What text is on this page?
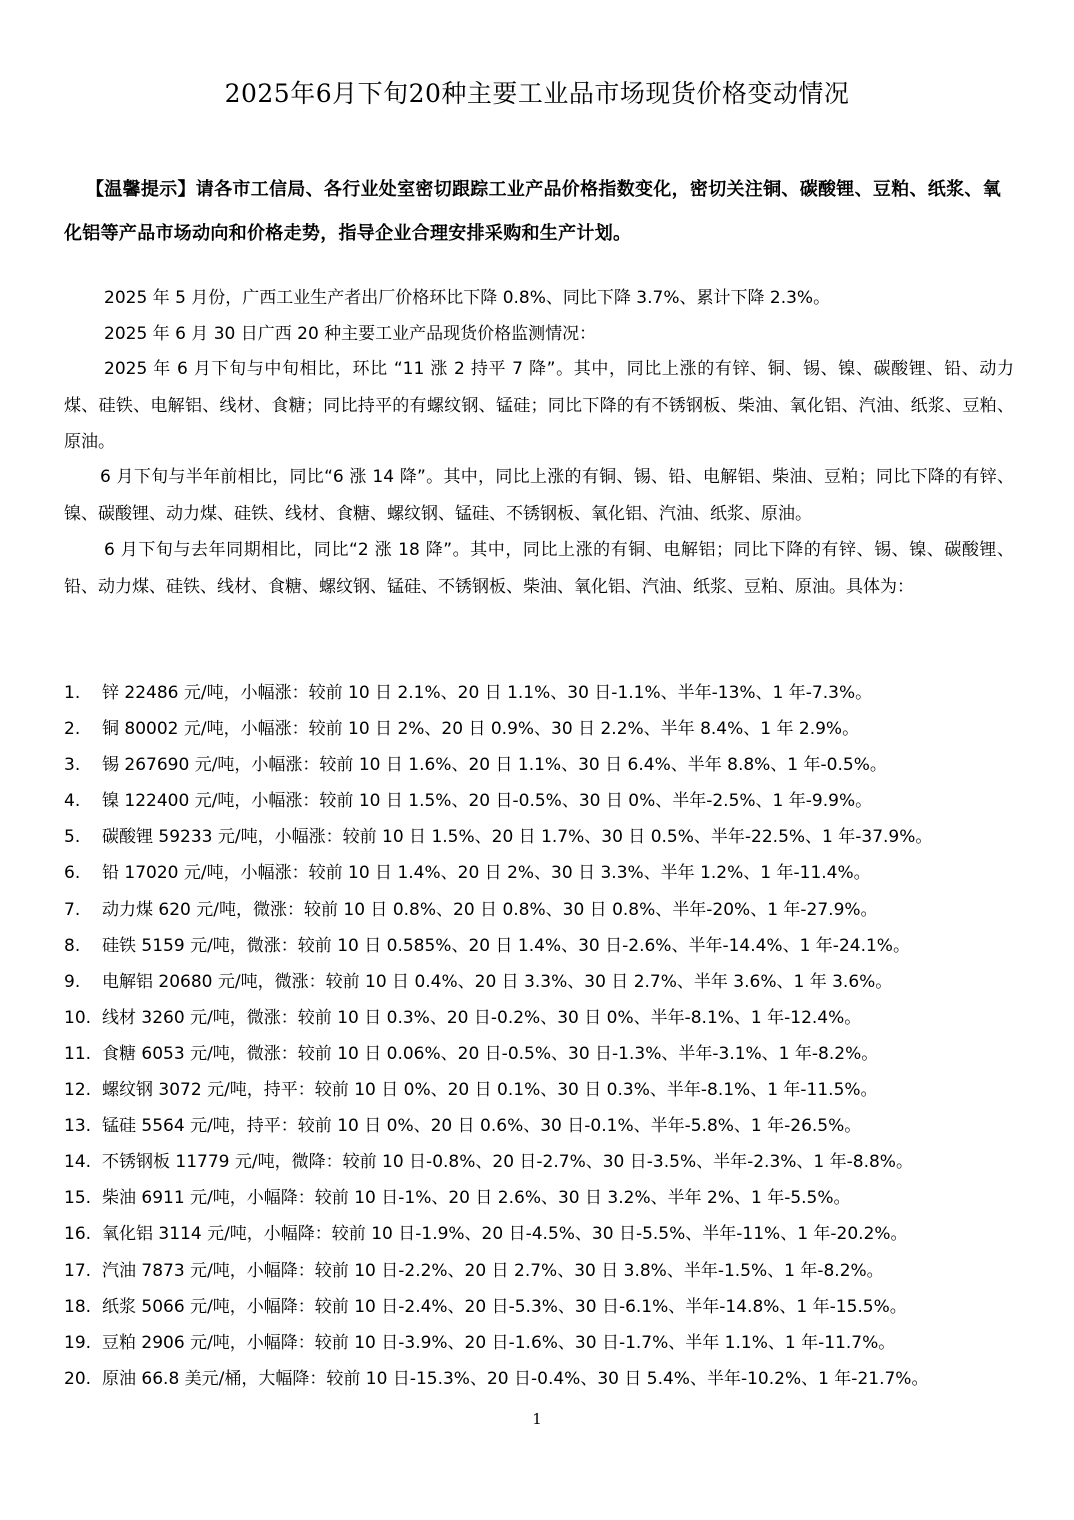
2025年6月下旬20种主要工业品市场现货价格变动情况

【温馨提示】请各市工信局、各行业处室密切跟踪工业产品价格指数变化，密切关注铜、碳酸锂、豆粕、纸浆、氧化铝等产品市场动向和价格走势，指导企业合理安排采购和生产计划。

2025 年 5 月份，广西工业生产者出厂价格环比下降 0.8%、同比下降 3.7%、累计下降 2.3%。

2025 年 6 月 30 日广西 20 种主要工业产品现货价格监测情况：

2025 年 6 月下旬与中旬相比，环比 “11 涨 2 持平 7 降”。其中，同比上涨的有锌、铜、锡、镍、碳酸锂、铅、动力煤、硅铁、电解铝、线材、食糖；同比持平的有螺纹钢、锰硅；同比下降的有不锈钢板、柴油、氧化铝、汽油、纸浆、豆粕、原油。

6 月下旬与半年前相比，同比“6 涨 14 降”。其中，同比上涨的有铜、锡、铅、电解铝、柴油、豆粕；同比下降的有锌、镍、碳酸锂、动力煤、硅铁、线材、食糖、螺纹钢、锰硅、不锈钢板、氧化铝、汽油、纸浆、原油。

6 月下旬与去年同期相比，同比“2 涨 18 降”。其中，同比上涨的有铜、电解铝；同比下降的有锌、锡、镍、碳酸锂、铅、动力煤、硅铁、线材、食糖、螺纹钢、锰硅、不锈钢板、柴油、氧化铝、汽油、纸浆、豆粕、原油。具体为：

1.	锌 22486 元/吨，小幅涨：较前 10 日 2.1%、20 日 1.1%、30 日-1.1%、半年-13%、1 年-7.3%。
2.	铜 80002 元/吨，小幅涨：较前 10 日 2%、20 日 0.9%、30 日 2.2%、半年 8.4%、1 年 2.9%。
3.	锡 267690 元/吨，小幅涨：较前 10 日 1.6%、20 日 1.1%、30 日 6.4%、半年 8.8%、1 年-0.5%。
4.	镍 122400 元/吨，小幅涨：较前 10 日 1.5%、20 日-0.5%、30 日 0%、半年-2.5%、1 年-9.9%。
5.	碳酸锂 59233 元/吨，小幅涨：较前 10 日 1.5%、20 日 1.7%、30 日 0.5%、半年-22.5%、1 年-37.9%。
6.	铅 17020 元/吨，小幅涨：较前 10 日 1.4%、20 日 2%、30 日 3.3%、半年 1.2%、1 年-11.4%。
7.	动力煤 620 元/吨，微涨：较前 10 日 0.8%、20 日 0.8%、30 日 0.8%、半年-20%、1 年-27.9%。
8.	硅铁 5159 元/吨，微涨：较前 10 日 0.585%、20 日 1.4%、30 日-2.6%、半年-14.4%、1 年-24.1%。
9.	电解铝 20680 元/吨，微涨：较前 10 日 0.4%、20 日 3.3%、30 日 2.7%、半年 3.6%、1 年 3.6%。
10. 线材 3260 元/吨，微涨：较前 10 日 0.3%、20 日-0.2%、30 日 0%、半年-8.1%、1 年-12.4%。
11. 食糖 6053 元/吨，微涨：较前 10 日 0.06%、20 日-0.5%、30 日-1.3%、半年-3.1%、1 年-8.2%。
12. 螺纹钢 3072 元/吨，持平：较前 10 日 0%、20 日 0.1%、30 日 0.3%、半年-8.1%、1 年-11.5%。
13. 锰硅 5564 元/吨，持平：较前 10 日 0%、20 日 0.6%、30 日-0.1%、半年-5.8%、1 年-26.5%。
14. 不锈钢板 11779 元/吨，微降：较前 10 日-0.8%、20 日-2.7%、30 日-3.5%、半年-2.3%、1 年-8.8%。
15. 柴油 6911 元/吨，小幅降：较前 10 日-1%、20 日 2.6%、30 日 3.2%、半年 2%、1 年-5.5%。
16. 氧化铝 3114 元/吨，小幅降：较前 10 日-1.9%、20 日-4.5%、30 日-5.5%、半年-11%、1 年-20.2%。
17. 汽油 7873 元/吨，小幅降：较前 10 日-2.2%、20 日 2.7%、30 日 3.8%、半年-1.5%、1 年-8.2%。
18. 纸浆 5066 元/吨，小幅降：较前 10 日-2.4%、20 日-5.3%、30 日-6.1%、半年-14.8%、1 年-15.5%。
19. 豆粕 2906 元/吨，小幅降：较前 10 日-3.9%、20 日-1.6%、30 日-1.7%、半年 1.1%、1 年-11.7%。
20. 原油 66.8 美元/桶，大幅降：较前 10 日-15.3%、20 日-0.4%、30 日 5.4%、半年-10.2%、1 年-21.7%。
1
